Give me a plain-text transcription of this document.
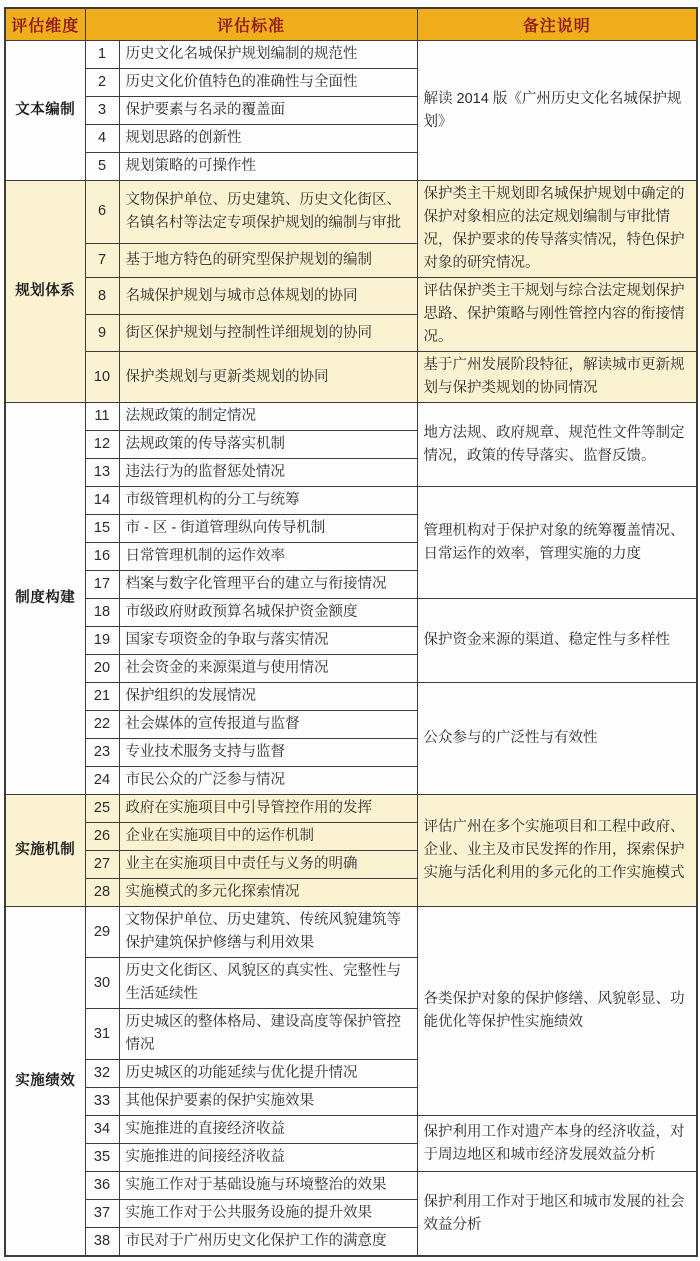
评估维度	评估标准		备注说明
文本编制	1	历史文化名城保护规划编制的规范性	解读 2014 版《广州历史文化名城保护规划》
	2	历史文化价值特色的准确性与全面性	
	3	保护要素与名录的覆盖面	
	4	规划思路的创新性	
	5	规划策略的可操作性	
规划体系	6	文物保护单位、历史建筑、历史文化街区、名镇名村等法定专项保护规划的编制与审批	保护类主干规划即名城保护规划中确定的保护对象相应的法定规划编制与审批情况，保护要求的传导落实情况，特色保护对象的研究情况。
	7	基于地方特色的研究型保护规划的编制	
	8	名城保护规划与城市总体规划的协同	评估保护类主干规划与综合法定规划保护思路、保护策略与刚性管控内容的衔接情况。
	9	街区保护规划与控制性详细规划的协同	
	10	保护类规划与更新类规划的协同	基于广州发展阶段特征，解读城市更新规划与保护类规划的协同情况
制度构建	11	法规政策的制定情况	地方法规、政府规章、规范性文件等制定情况，政策的传导落实、监督反馈。
	12	法规政策的传导落实机制	
	13	违法行为的监督惩处情况	
	14	市级管理机构的分工与统筹	管理机构对于保护对象的统筹覆盖情况、日常运作的效率，管理实施的力度
	15	市 - 区 - 街道管理纵向传导机制	
	16	日常管理机制的运作效率	
	17	档案与数字化管理平台的建立与衔接情况	
	18	市级政府财政预算名城保护资金额度	保护资金来源的渠道、稳定性与多样性
	19	国家专项资金的争取与落实情况	
	20	社会资金的来源渠道与使用情况	
	21	保护组织的发展情况	公众参与的广泛性与有效性
	22	社会媒体的宣传报道与监督	
	23	专业技术服务支持与监督	
	24	市民公众的广泛参与情况	
实施机制	25	政府在实施项目中引导管控作用的发挥	评估广州在多个实施项目和工程中政府、企业、业主及市民发挥的作用，探索保护实施与活化利用的多元化的工作实施模式
	26	企业在实施项目中的运作机制	
	27	业主在实施项目中责任与义务的明确	
	28	实施模式的多元化探索情况	
实施绩效	29	文物保护单位、历史建筑、传统风貌建筑等保护建筑保护修缮与利用效果	各类保护对象的保护修缮、风貌彰显、功能优化等保护性实施绩效
	30	历史文化街区、风貌区的真实性、完整性与生活延续性	
	31	历史城区的整体格局、建设高度等保护管控情况	
	32	历史城区的功能延续与优化提升情况	
	33	其他保护要素的保护实施效果	
	34	实施推进的直接经济收益	保护利用工作对遗产本身的经济收益，对于周边地区和城市经济发展效益分析
	35	实施推进的间接经济收益	
	36	实施工作对于基础设施与环境整治的效果	保护利用工作对于地区和城市发展的社会效益分析
	37	实施工作对于公共服务设施的提升效果	
	38	市民对于广州历史文化保护工作的满意度	
